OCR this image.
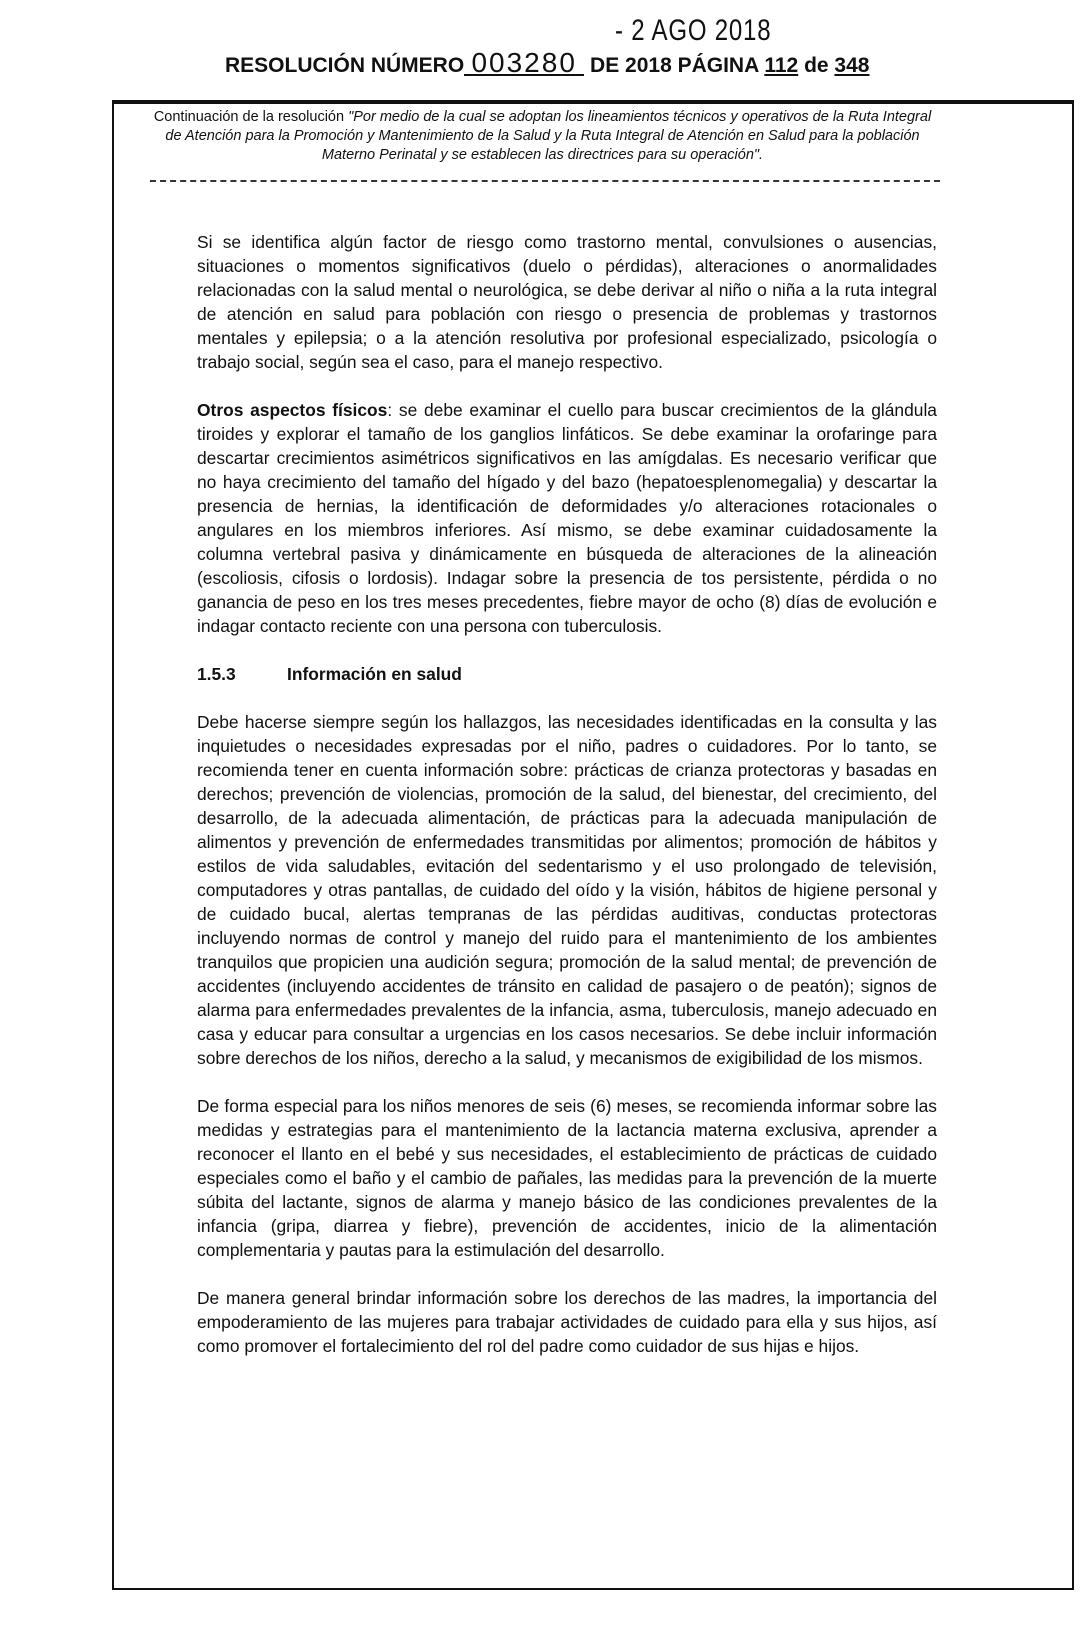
- 2 AGO 2018
RESOLUCIÓN NÚMERO 003280 DE 2018 PÁGINA 112 de 348
Continuación de la resolución "Por medio de la cual se adoptan los lineamientos técnicos y operativos de la Ruta Integral de Atención para la Promoción y Mantenimiento de la Salud y la Ruta Integral de Atención en Salud para la población Materno Perinatal y se establecen las directrices para su operación".

Si se identifica algún factor de riesgo como trastorno mental, convulsiones o ausencias, situaciones o momentos significativos (duelo o pérdidas), alteraciones o anormalidades relacionadas con la salud mental o neurológica, se debe derivar al niño o niña a la ruta integral de atención en salud para población con riesgo o presencia de problemas y trastornos mentales y epilepsia; o a la atención resolutiva por profesional especializado, psicología o trabajo social, según sea el caso, para el manejo respectivo.

Otros aspectos físicos: se debe examinar el cuello para buscar crecimientos de la glándula tiroides y explorar el tamaño de los ganglios linfáticos. Se debe examinar la orofaringe para descartar crecimientos asimétricos significativos en las amígdalas. Es necesario verificar que no haya crecimiento del tamaño del hígado y del bazo (hepatoesplenomegalia) y descartar la presencia de hernias, la identificación de deformidades y/o alteraciones rotacionales o angulares en los miembros inferiores. Así mismo, se debe examinar cuidadosamente la columna vertebral pasiva y dinámicamente en búsqueda de alteraciones de la alineación (escoliosis, cifosis o lordosis). Indagar sobre la presencia de tos persistente, pérdida o no ganancia de peso en los tres meses precedentes, fiebre mayor de ocho (8) días de evolución e indagar contacto reciente con una persona con tuberculosis.

1.5.3	Información en salud

Debe hacerse siempre según los hallazgos, las necesidades identificadas en la consulta y las inquietudes o necesidades expresadas por el niño, padres o cuidadores. Por lo tanto, se recomienda tener en cuenta información sobre: prácticas de crianza protectoras y basadas en derechos; prevención de violencias, promoción de la salud, del bienestar, del crecimiento, del desarrollo, de la adecuada alimentación, de prácticas para la adecuada manipulación de alimentos y prevención de enfermedades transmitidas por alimentos; promoción de hábitos y estilos de vida saludables, evitación del sedentarismo y el uso prolongado de televisión, computadores y otras pantallas, de cuidado del oído y la visión, hábitos de higiene personal y de cuidado bucal, alertas tempranas de las pérdidas auditivas, conductas protectoras incluyendo normas de control y manejo del ruido para el mantenimiento de los ambientes tranquilos que propicien una audición segura; promoción de la salud mental; de prevención de accidentes (incluyendo accidentes de tránsito en calidad de pasajero o de peatón); signos de alarma para enfermedades prevalentes de la infancia, asma, tuberculosis, manejo adecuado en casa y educar para consultar a urgencias en los casos necesarios. Se debe incluir información sobre derechos de los niños, derecho a la salud, y mecanismos de exigibilidad de los mismos.

De forma especial para los niños menores de seis (6) meses, se recomienda informar sobre las medidas y estrategias para el mantenimiento de la lactancia materna exclusiva, aprender a reconocer el llanto en el bebé y sus necesidades, el establecimiento de prácticas de cuidado especiales como el baño y el cambio de pañales, las medidas para la prevención de la muerte súbita del lactante, signos de alarma y manejo básico de las condiciones prevalentes de la infancia (gripa, diarrea y fiebre), prevención de accidentes, inicio de la alimentación complementaria y pautas para la estimulación del desarrollo.

De manera general brindar información sobre los derechos de las madres, la importancia del empoderamiento de las mujeres para trabajar actividades de cuidado para ella y sus hijos, así como promover el fortalecimiento del rol del padre como cuidador de sus hijas e hijos.
